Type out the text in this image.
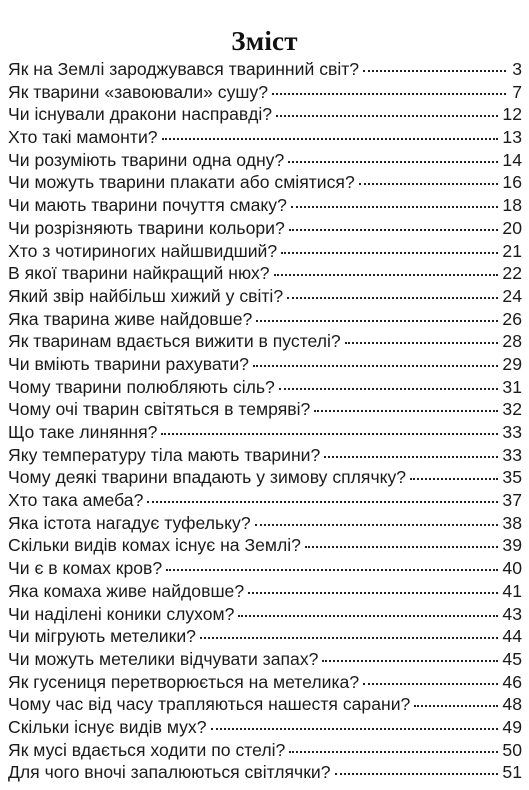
Зміст
Як на Землі зароджувався тваринний світ?	3
Як тварини «завоювали» сушу?	7
Чи існували дракони насправді?	12
Хто такі мамонти?	13
Чи розуміють тварини одна одну?	14
Чи можуть тварини плакати або сміятися?	16
Чи мають тварини почуття смаку?	18
Чи розрізняють тварини кольори?	20
Хто з чотириногих найшвидший?	21
В якої тварини найкращий нюх?	22
Який звір найбільш хижий у світі?	24
Яка тварина живе найдовше?	26
Як тваринам вдається вижити в пустелі?	28
Чи вміють тварини рахувати?	29
Чому тварини полюбляють сіль?	31
Чому очі тварин світяться в темряві?	32
Що таке линяння?	33
Яку температуру тіла мають тварини?	33
Чому деякі тварини впадають у зимову сплячку?	35
Хто така амеба?	37
Яка істота нагадує туфельку?	38
Скільки видів комах існує на Землі?	39
Чи є в комах кров?	40
Яка комаха живе найдовше?	41
Чи наділені коники слухом?	43
Чи мігрують метелики?	44
Чи можуть метелики відчувати запах?	45
Як гусениця перетворюється на метелика?	46
Чому час від часу трапляються нашестя сарани?	48
Скільки існує видів мух?	49
Як мусі вдається ходити по стелі?	50
Для чого вночі запалюються світлячки?	51
